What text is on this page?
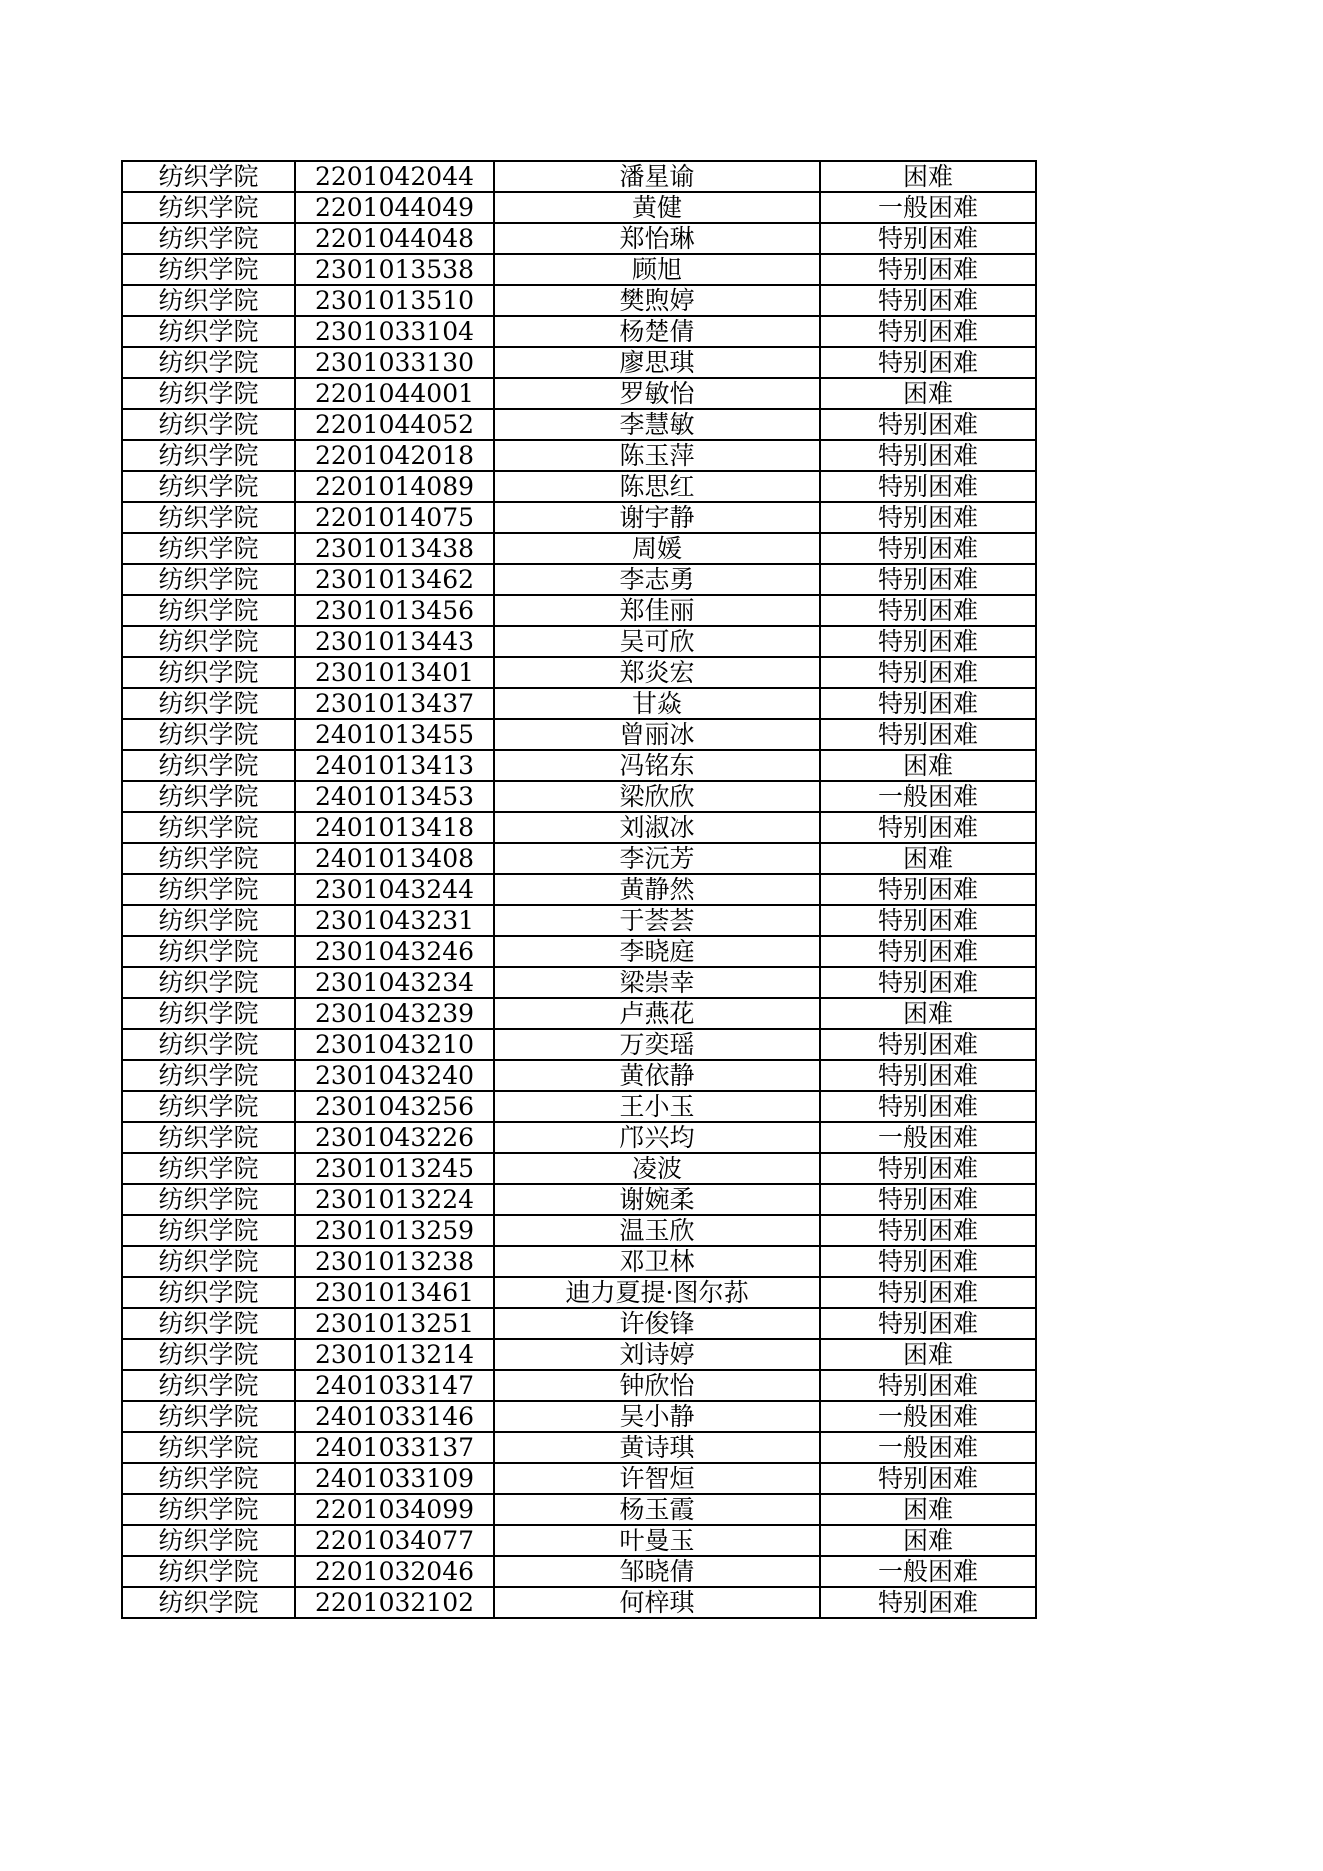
纺织学院	2201042044	潘星谕	困难
纺织学院	2201044049	黄健	一般困难
纺织学院	2201044048	郑怡琳	特别困难
纺织学院	2301013538	顾旭	特别困难
纺织学院	2301013510	樊煦婷	特别困难
纺织学院	2301033104	杨楚倩	特别困难
纺织学院	2301033130	廖思琪	特别困难
纺织学院	2201044001	罗敏怡	困难
纺织学院	2201044052	李慧敏	特别困难
纺织学院	2201042018	陈玉萍	特别困难
纺织学院	2201014089	陈思红	特别困难
纺织学院	2201014075	谢宇静	特别困难
纺织学院	2301013438	周媛	特别困难
纺织学院	2301013462	李志勇	特别困难
纺织学院	2301013456	郑佳丽	特别困难
纺织学院	2301013443	吴可欣	特别困难
纺织学院	2301013401	郑炎宏	特别困难
纺织学院	2301013437	甘焱	特别困难
纺织学院	2401013455	曾丽冰	特别困难
纺织学院	2401013413	冯铭东	困难
纺织学院	2401013453	梁欣欣	一般困难
纺织学院	2401013418	刘淑冰	特别困难
纺织学院	2401013408	李沅芳	困难
纺织学院	2301043244	黄静然	特别困难
纺织学院	2301043231	于荟荟	特别困难
纺织学院	2301043246	李晓庭	特别困难
纺织学院	2301043234	梁崇幸	特别困难
纺织学院	2301043239	卢燕花	困难
纺织学院	2301043210	万奕瑶	特别困难
纺织学院	2301043240	黄依静	特别困难
纺织学院	2301043256	王小玉	特别困难
纺织学院	2301043226	邝兴均	一般困难
纺织学院	2301013245	凌波	特别困难
纺织学院	2301013224	谢婉柔	特别困难
纺织学院	2301013259	温玉欣	特别困难
纺织学院	2301013238	邓卫林	特别困难
纺织学院	2301013461	迪力夏提·图尔荪	特别困难
纺织学院	2301013251	许俊锋	特别困难
纺织学院	2301013214	刘诗婷	困难
纺织学院	2401033147	钟欣怡	特别困难
纺织学院	2401033146	吴小静	一般困难
纺织学院	2401033137	黄诗琪	一般困难
纺织学院	2401033109	许智烜	特别困难
纺织学院	2201034099	杨玉霞	困难
纺织学院	2201034077	叶曼玉	困难
纺织学院	2201032046	邹晓倩	一般困难
纺织学院	2201032102	何梓琪	特别困难
